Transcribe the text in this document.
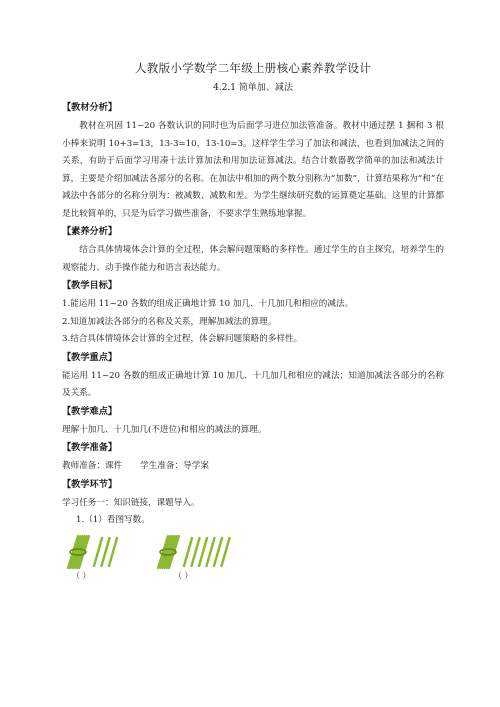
人教版小学数学二年级上册核心素养教学设计
4.2.1 简单加、减法
【教材分析】

教材在巩固 11~20 各数认识的同时也为后面学习进位加法管准备。教材中通过摆 1 捆和 3 根小棒来说明 10+3=13，13-3=10，13-10=3。这样学生学习了加法和减法，也看到加减法之间的关系，有助于后面学习用凑十法计算加法和用加法证算减法。结合计数器教学简单的加法和减法计算，主要是介绍加减法各部分的名称。在加法中相加的两个数分别称为“加数”，计算结果称为“和”在减法中各部分的名称分别为：被减数、减数和差。为学生继续研究数的运算奠定基础。这里的计算都是比较简单的，只是为后学习做些准备，不要求学生熟练地掌握。

【素养分析】

结合具体情境体会计算的全过程，体会解问题策略的多样性。通过学生的自主探究，培养学生的观察能力、动手操作能力和语言表达能力。

【教学目标】

1.能运用 11~20 各数的组成正确地计算 10 加几、十几加几和相应的减法。

2.知道加减法各部分的名称及关系，理解加减法的算理。

3.结合具体情境体会计算的全过程，体会解问题策略的多样性。

【教学重点】

能运用 11~20 各数的组成正确地计算 10 加几、十几加几和相应的减法；知道加减法各部分的名称及关系。

【教学难点】

理解十加几、十几加几(不进位)和相应的减法的算理。

【教学准备】

教师准备：课件 学生准备：导学案

【教学环节】

学习任务一：知识链接，课题导入。

1.（1）看图写数。

（ ）	（ ）
